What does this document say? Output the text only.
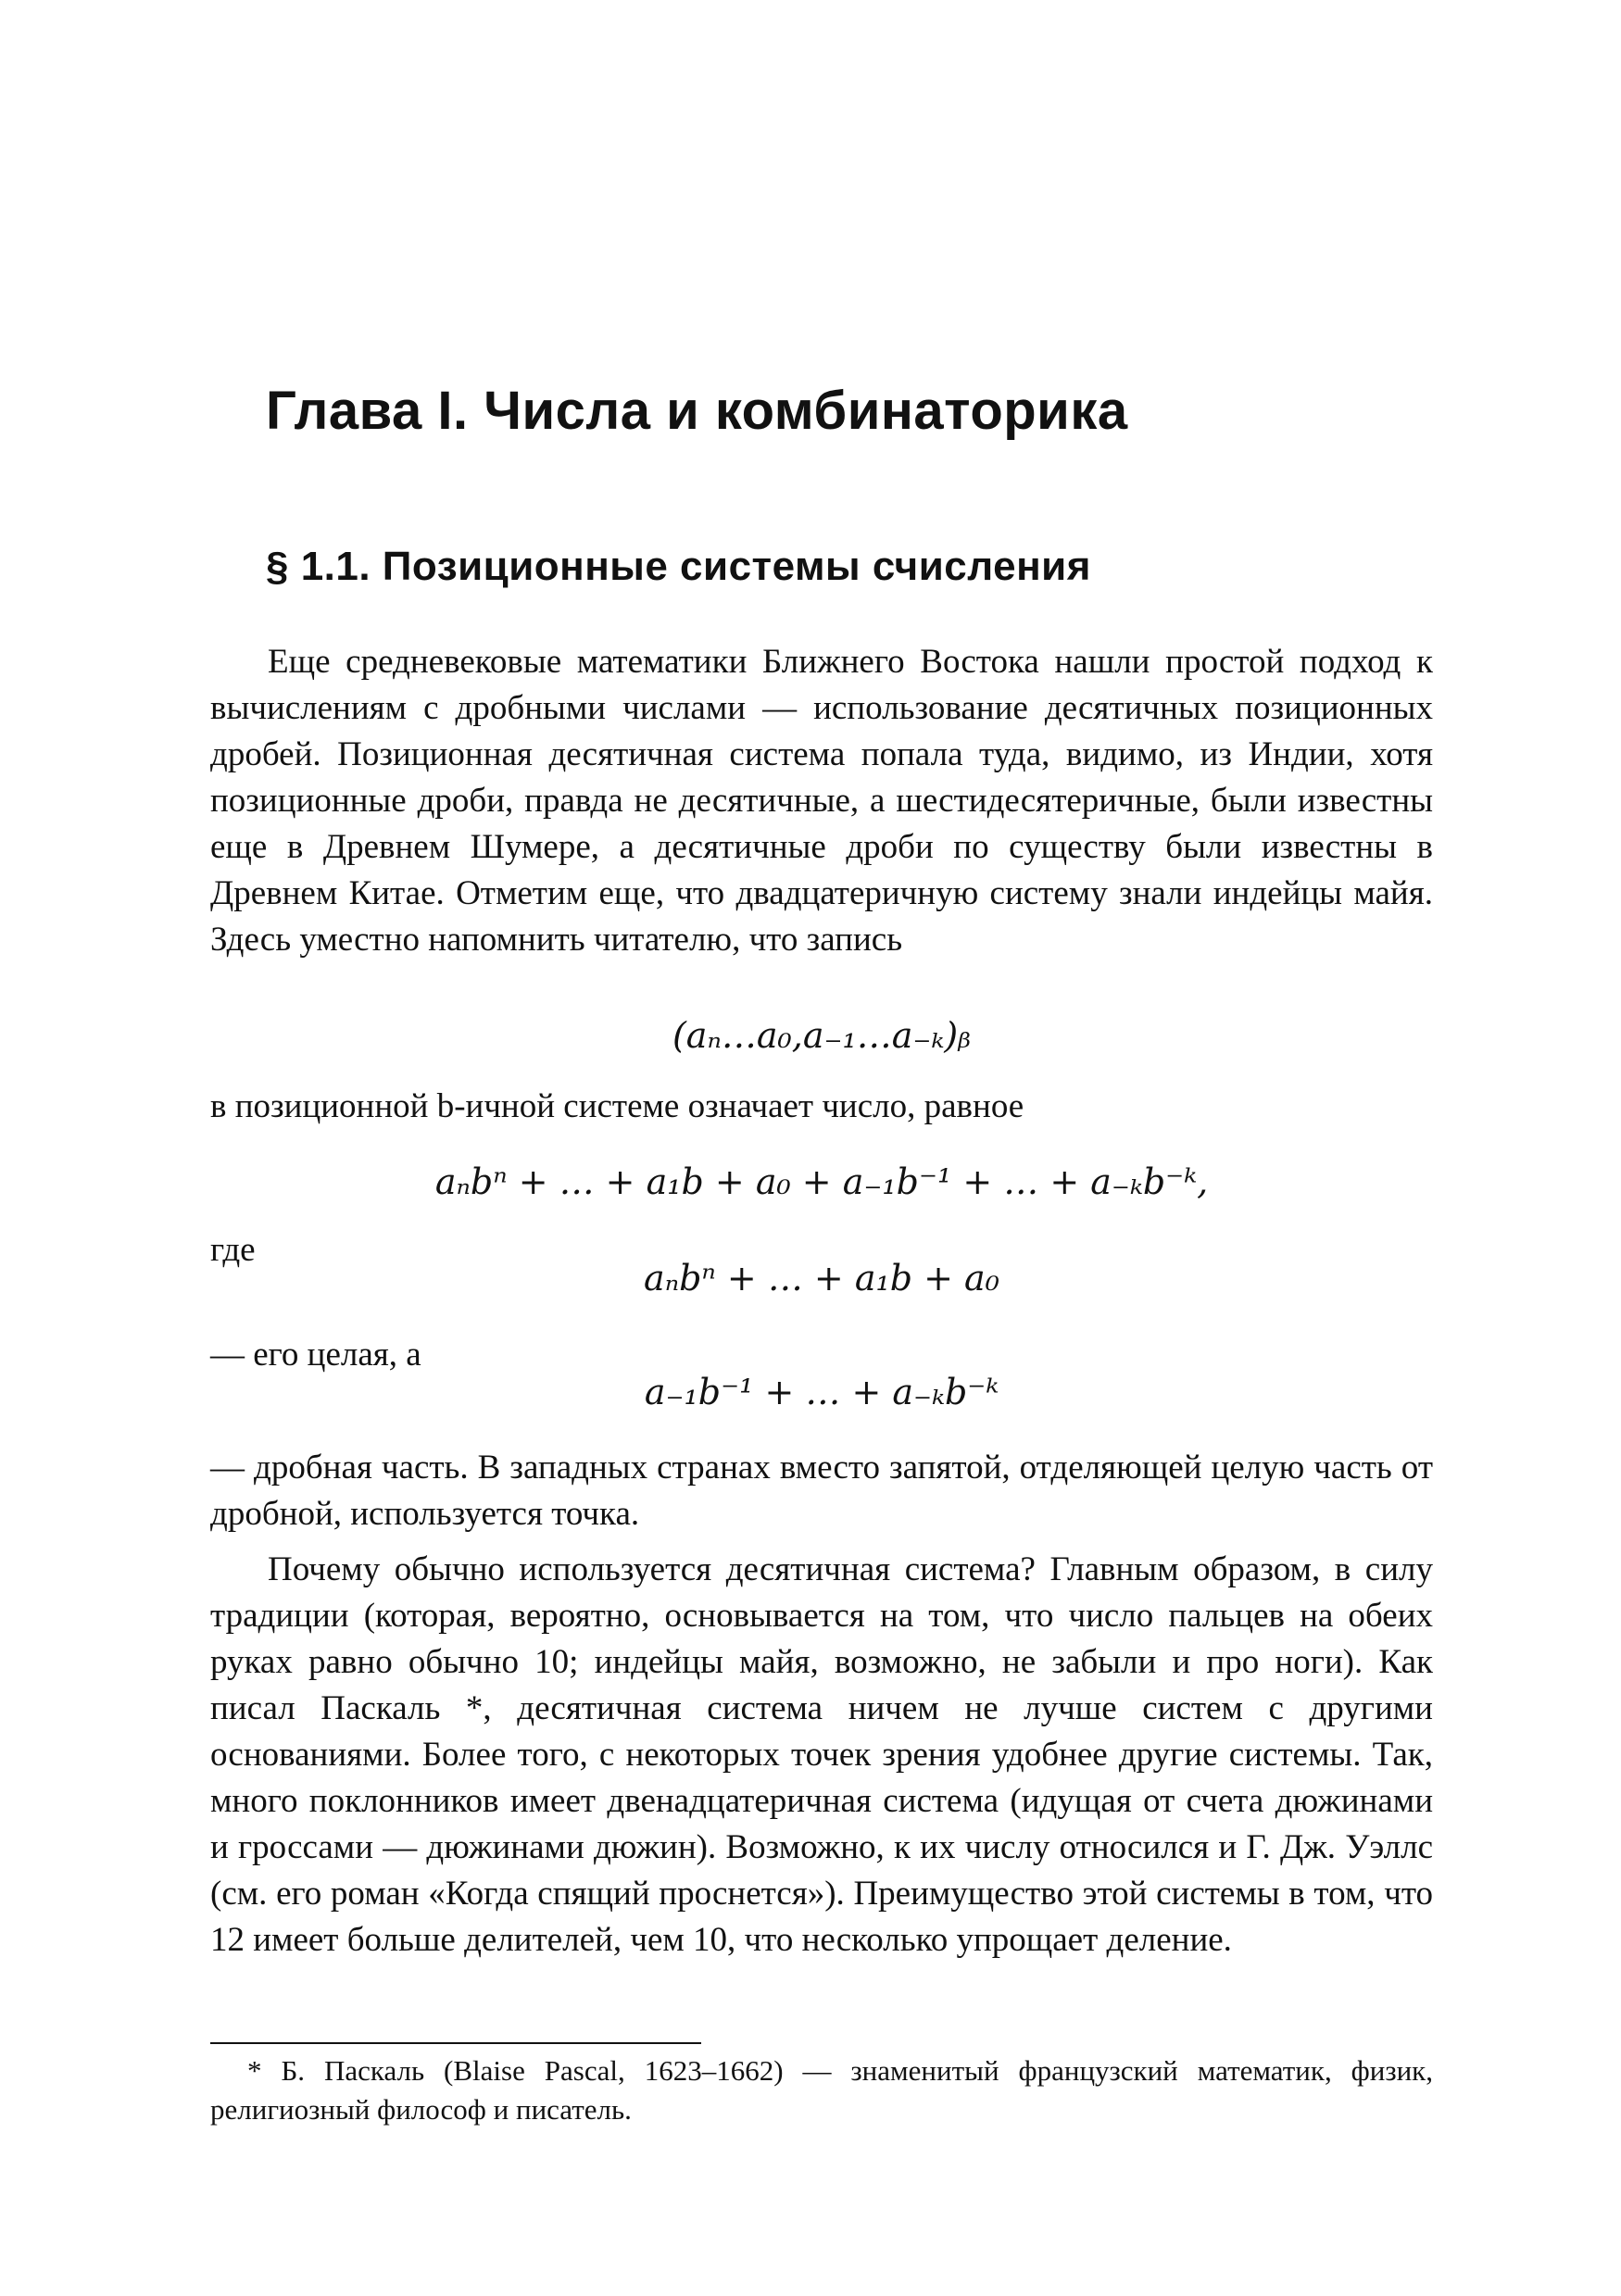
Глава I. Числа и комбинаторика
§ 1.1. Позиционные системы счисления
Еще средневековые математики Ближнего Востока нашли простой подход к вычислениям с дробными числами — использование десятичных позиционных дробей. Позиционная десятичная система попала туда, видимо, из Индии, хотя позиционные дроби, правда не десятичные, а шестидесятеричные, были известны еще в Древнем Шумере, а десятичные дроби по существу были известны в Древнем Китае. Отметим еще, что двадцатеричную систему знали индейцы майя. Здесь уместно напомнить читателю, что запись
(aₙ…a₀,a₋₁…a₋ₖ)ᵦ
в позиционной b-ичной системе означает число, равное
aₙbⁿ + … + a₁b + a₀ + a₋₁b⁻¹ + … + a₋ₖb⁻ᵏ,
где
aₙbⁿ + … + a₁b + a₀
— его целая, а
a₋₁b⁻¹ + … + a₋ₖb⁻ᵏ
— дробная часть. В западных странах вместо запятой, отделяющей целую часть от дробной, используется точка.
Почему обычно используется десятичная система? Главным образом, в силу традиции (которая, вероятно, основывается на том, что число пальцев на обеих руках равно обычно 10; индейцы майя, возможно, не забыли и про ноги). Как писал Паскаль *, десятичная система ничем не лучше систем с другими основаниями. Более того, с некоторых точек зрения удобнее другие системы. Так, много поклонников имеет двенадцатеричная система (идущая от счета дюжинами и гроссами — дюжинами дюжин). Возможно, к их числу относился и Г. Дж. Уэллс (см. его роман «Когда спящий проснется»). Преимущество этой системы в том, что 12 имеет больше делителей, чем 10, что несколько упрощает деление.
* Б. Паскаль (Blaise Pascal, 1623–1662) — знаменитый французский математик, физик, религиозный философ и писатель.
